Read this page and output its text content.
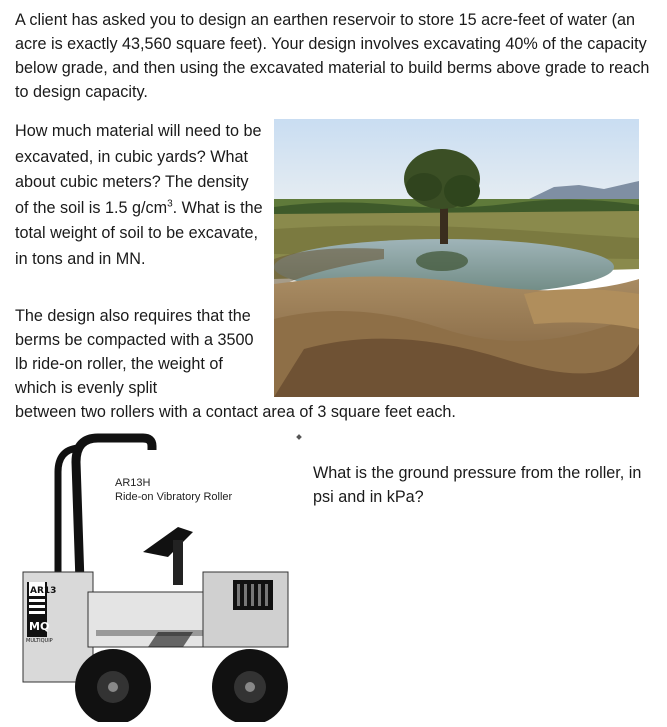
A client has asked you to design an earthen reservoir to store 15 acre-feet of water (an acre is exactly 43,560 square feet). Your design involves excavating 40% of the capacity below grade, and then using the excavated material to build berms above grade to reach to design capacity.

How much material will need to be excavated, in cubic yards? What about cubic meters? The density of the soil is 1.5 $g/cm^3$. What is the total weight of soil to be excavate, in tons and in MN.

The design also requires that the berms be compacted with a 3500 lb ride-on roller, the weight of which is evenly split

between two rollers with a contact area of 3 square feet each.

AR13H
Ride-on Vibratory Roller
AR13
MQ
MULTIQUIP

What is the ground pressure from the roller, in psi and in kPa?
